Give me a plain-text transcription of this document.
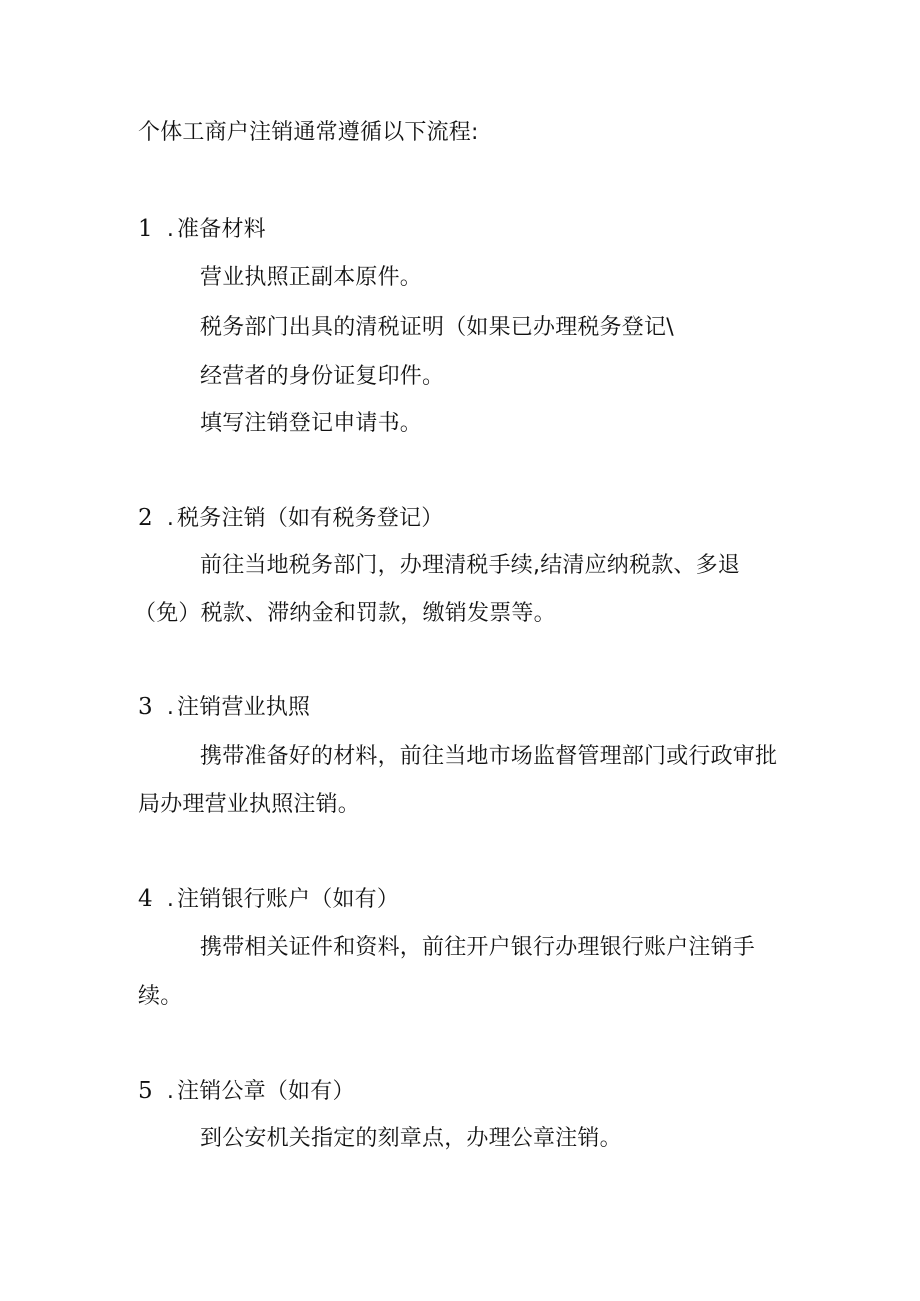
个体工商户注销通常遵循以下流程:
1 . 准备材料
营业执照正副本原件。
税务部门出具的清税证明（如果已办理税务登记\
经营者的身份证复印件。
填写注销登记申请书。
2 . 税务注销（如有税务登记）
前往当地税务部门，办理清税手续,结清应纳税款、多退
（免）税款、滞纳金和罚款，缴销发票等。
3 . 注销营业执照
携带准备好的材料，前往当地市场监督管理部门或行政审批
局办理营业执照注销。
4 . 注销银行账户（如有）
携带相关证件和资料，前往开户银行办理银行账户注销手
续。
5 . 注销公章（如有）
到公安机关指定的刻章点，办理公章注销。
